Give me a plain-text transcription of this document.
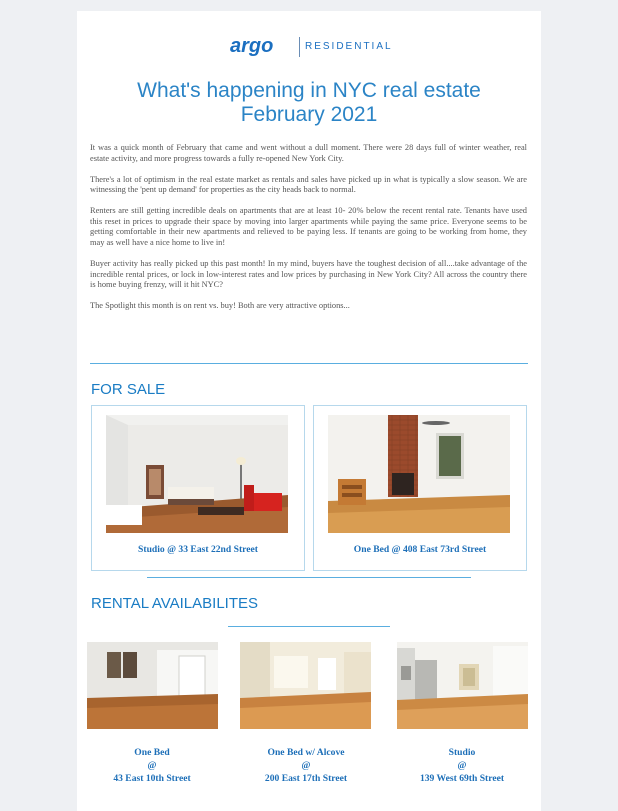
argo	RESIDENTIAL
What's happening in NYC real estate
February 2021

It was a quick month of February that came and went without a dull moment. There were 28 days full of winter weather, real estate activity, and more progress towards a fully re-opened New York City.

There's a lot of optimism in the real estate market as rentals and sales have picked up in what is typically a slow season. We are witnessing the 'pent up demand' for properties as the city heads back to normal.

Renters are still getting incredible deals on apartments that are at least 10- 20% below the recent rental rate. Tenants have used this reset in prices to upgrade their space by moving into larger apartments while paying the same price. Everyone seems to be getting comfortable in their new apartments and relieved to be paying less. If tenants are going to be working from home, they may as well have a nice home to live in!

Buyer activity has really picked up this past month! In my mind, buyers have the toughest decision of all....take advantage of the incredible rental prices, or lock in low-interest rates and low prices by purchasing in New York City? All across the country there is home buying frenzy, will it hit NYC?

The Spotlight this month is on rent vs. buy! Both are very attractive options...

FOR SALE
Studio @ 33 East 22nd Street	One Bed @ 408 East 73rd Street
RENTAL AVAILABILITES
One Bed
@
43 East 10th Street
One Bed w/ Alcove
@
200 East 17th Street
Studio
@
139 West 69th Street
